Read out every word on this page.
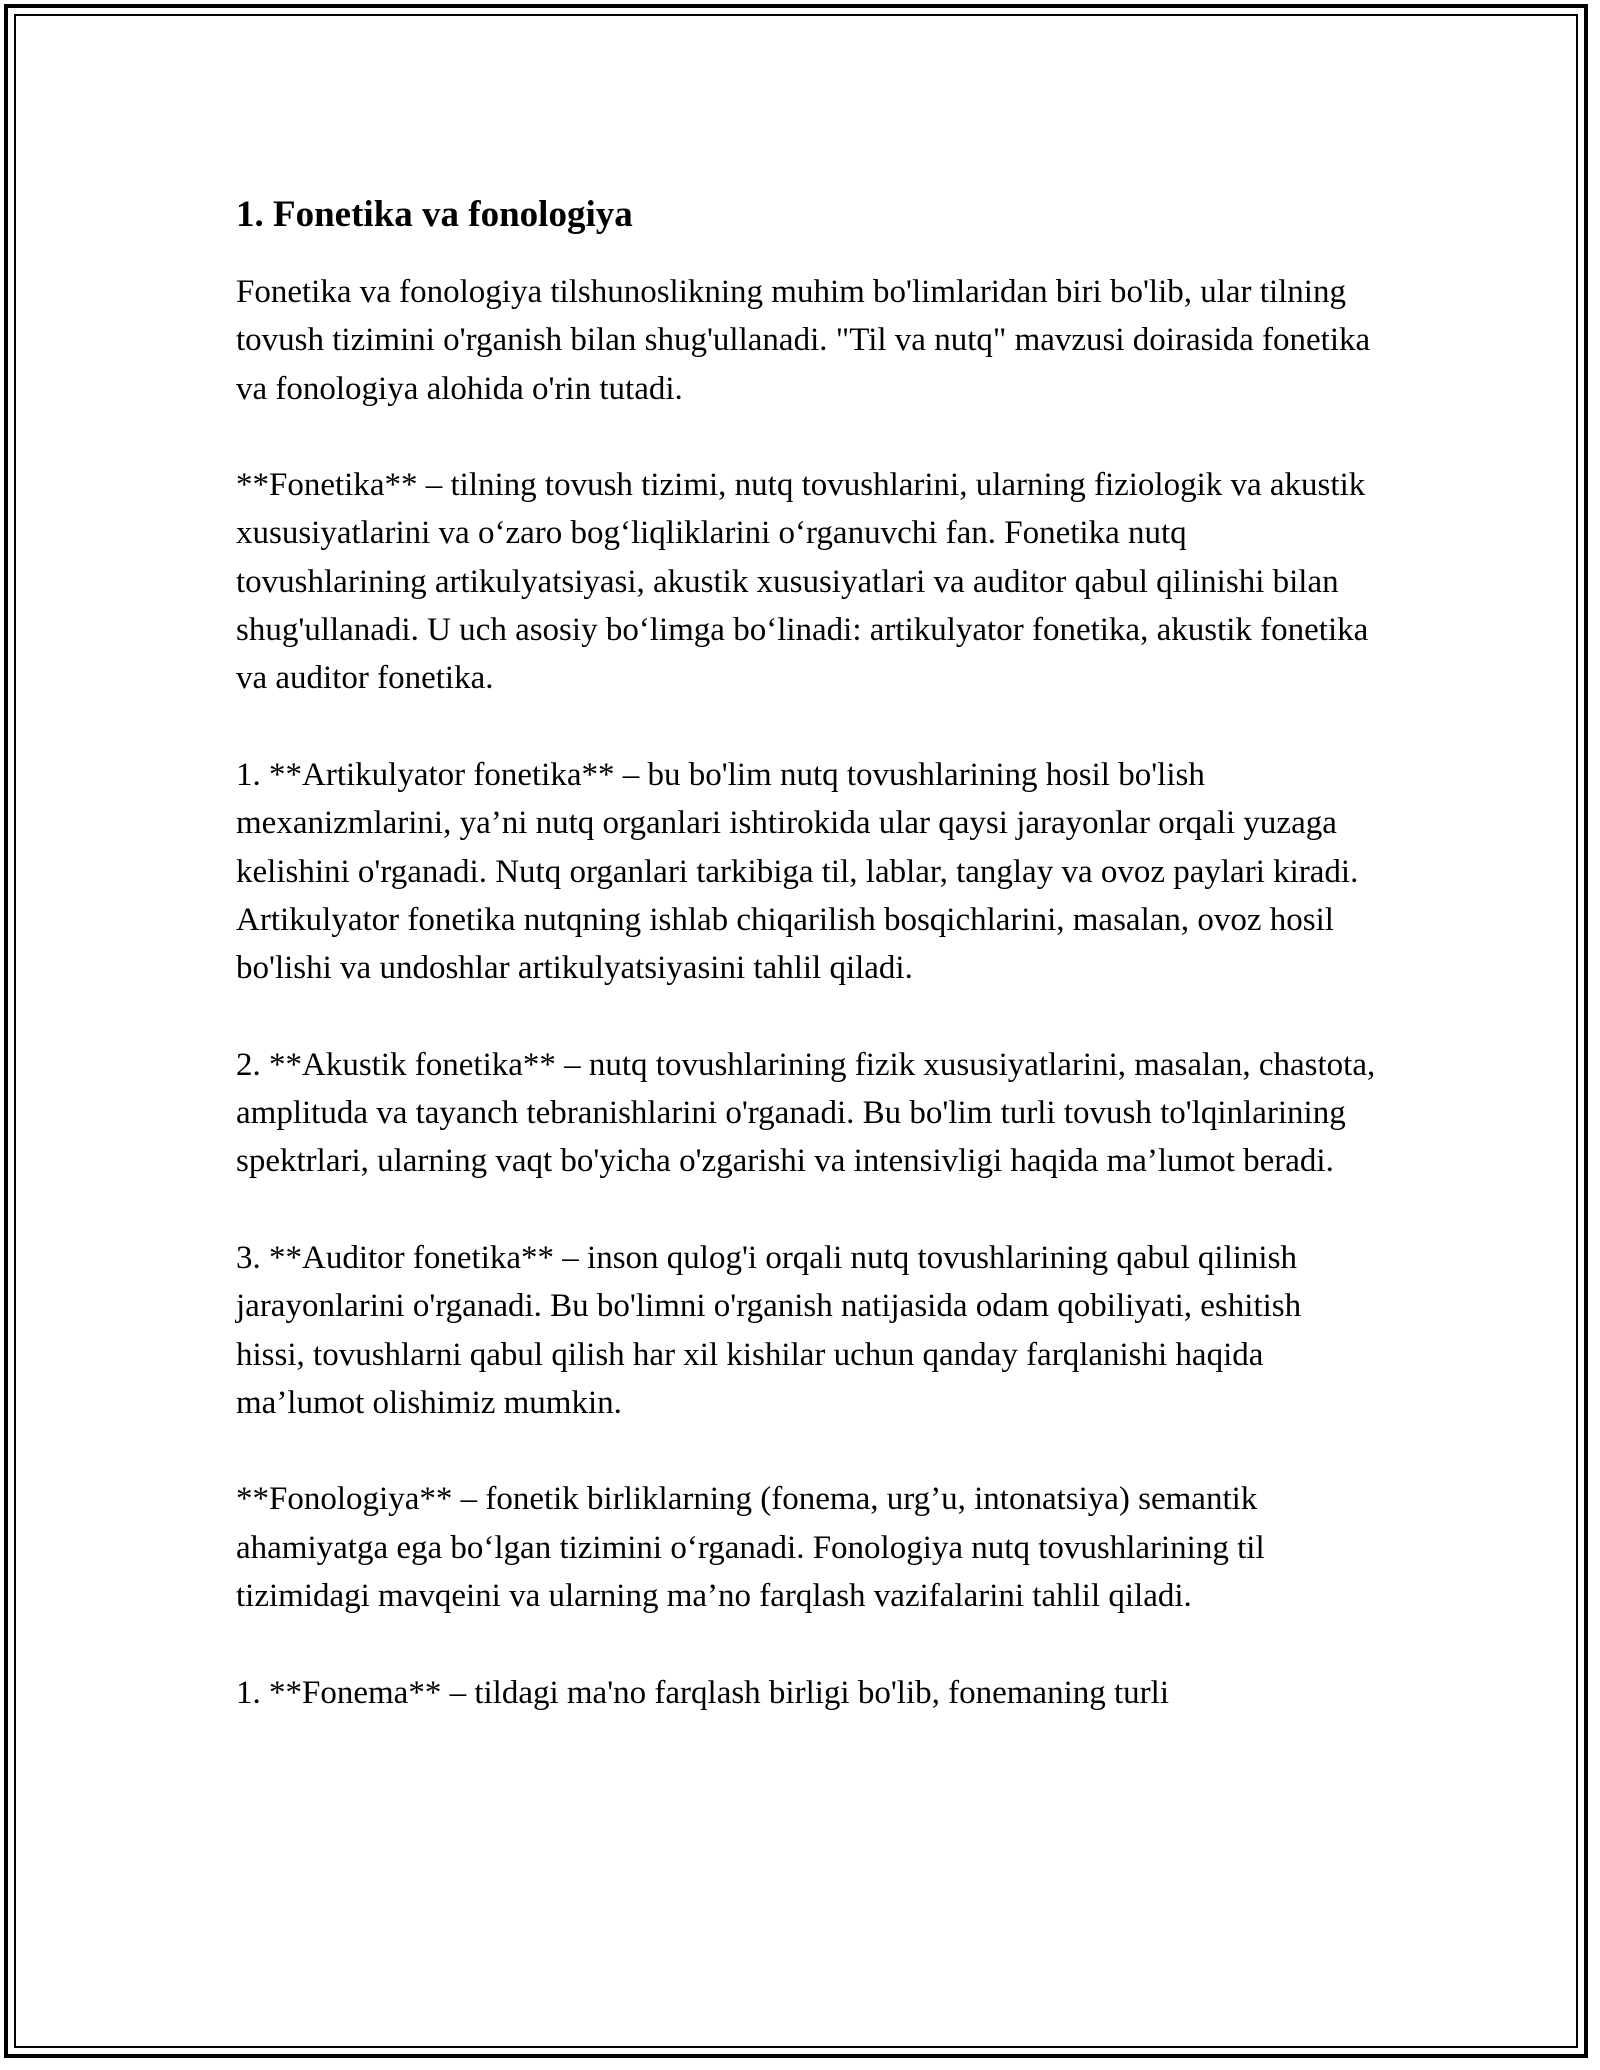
1. Fonetika va fonologiya

Fonetika va fonologiya tilshunoslikning muhim bo'limlaridan biri bo'lib, ular tilning tovush tizimini o'rganish bilan shug'ullanadi. "Til va nutq" mavzusi doirasida fonetika va fonologiya alohida o'rin tutadi.

**Fonetika** – tilning tovush tizimi, nutq tovushlarini, ularning fiziologik va akustik xususiyatlarini va o‘zaro bog‘liqliklarini o‘rganuvchi fan. Fonetika nutq tovushlarining artikulyatsiyasi, akustik xususiyatlari va auditor qabul qilinishi bilan shug'ullanadi. U uch asosiy bo‘limga bo‘linadi: artikulyator fonetika, akustik fonetika va auditor fonetika.

1. **Artikulyator fonetika** – bu bo'lim nutq tovushlarining hosil bo'lish mexanizmlarini, ya’ni nutq organlari ishtirokida ular qaysi jarayonlar orqali yuzaga kelishini o'rganadi. Nutq organlari tarkibiga til, lablar, tanglay va ovoz paylari kiradi. Artikulyator fonetika nutqning ishlab chiqarilish bosqichlarini, masalan, ovoz hosil bo'lishi va undoshlar artikulyatsiyasini tahlil qiladi.

2. **Akustik fonetika** – nutq tovushlarining fizik xususiyatlarini, masalan, chastota, amplituda va tayanch tebranishlarini o'rganadi. Bu bo'lim turli tovush to'lqinlarining spektrlari, ularning vaqt bo'yicha o'zgarishi va intensivligi haqida ma’lumot beradi.

3. **Auditor fonetika** – inson qulog'i orqali nutq tovushlarining qabul qilinish jarayonlarini o'rganadi. Bu bo'limni o'rganish natijasida odam qobiliyati, eshitish hissi, tovushlarni qabul qilish har xil kishilar uchun qanday farqlanishi haqida ma’lumot olishimiz mumkin.

**Fonologiya** – fonetik birliklarning (fonema, urg’u, intonatsiya) semantik ahamiyatga ega bo‘lgan tizimini o‘rganadi. Fonologiya nutq tovushlarining til tizimidagi mavqeini va ularning ma’no farqlash vazifalarini tahlil qiladi.

1. **Fonema** – tildagi ma'no farqlash birligi bo'lib, fonemaning turli
